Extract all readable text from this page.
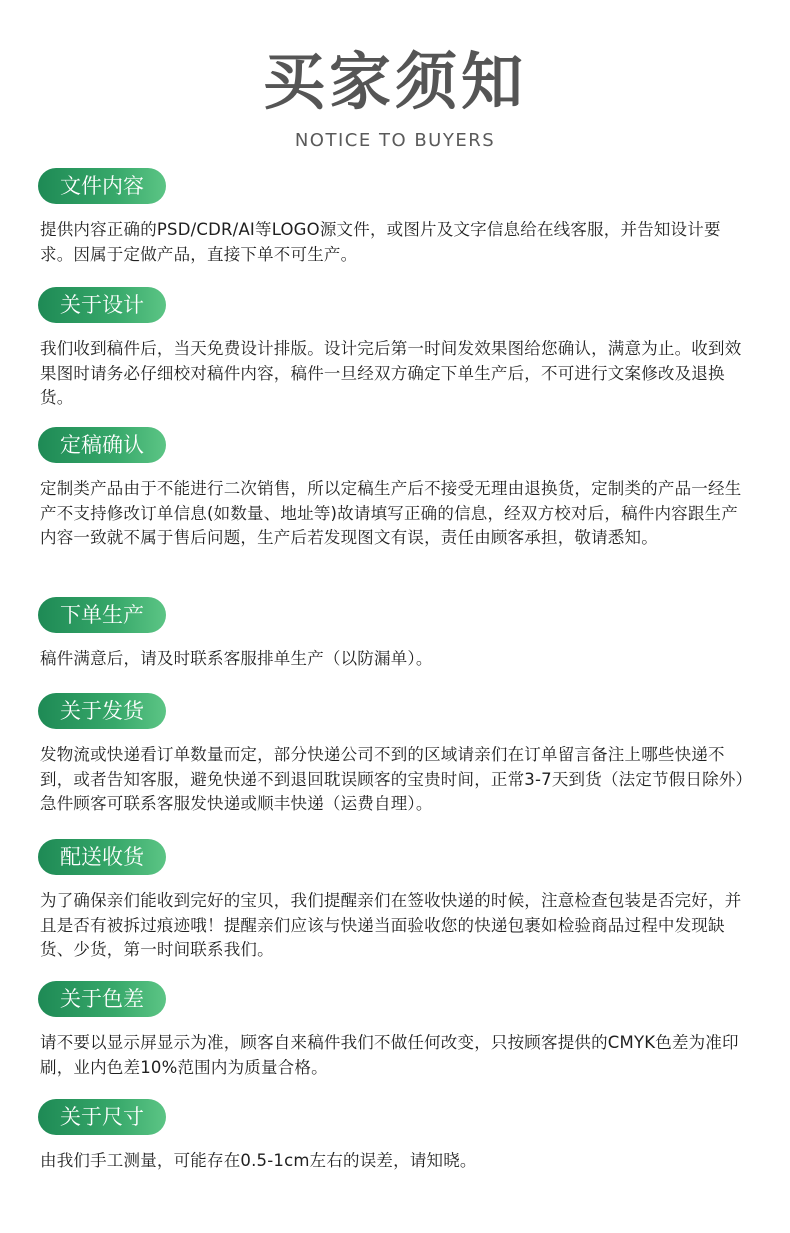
买家须知
NOTICE TO BUYERS
文件内容
提供内容正确的PSD/CDR/AI等LOGO源文件，或图片及文字信息给在线客服，并告知设计要求。因属于定做产品，直接下单不可生产。
关于设计
我们收到稿件后，当天免费设计排版。设计完后第一时间发效果图给您确认，满意为止。收到效果图时请务必仔细校对稿件内容，稿件一旦经双方确定下单生产后，不可进行文案修改及退换货。
定稿确认
定制类产品由于不能进行二次销售，所以定稿生产后不接受无理由退换货，定制类的产品一经生产不支持修改订单信息(如数量、地址等)故请填写正确的信息，经双方校对后，稿件内容跟生产内容一致就不属于售后问题，生产后若发现图文有误，责任由顾客承担，敬请悉知。
下单生产
稿件满意后，请及时联系客服排单生产（以防漏单）。
关于发货
发物流或快递看订单数量而定，部分快递公司不到的区域请亲们在订单留言备注上哪些快递不到，或者告知客服，避免快递不到退回耽误顾客的宝贵时间，正常3-7天到货（法定节假日除外）急件顾客可联系客服发快递或顺丰快递（运费自理）。
配送收货
为了确保亲们能收到完好的宝贝，我们提醒亲们在签收快递的时候，注意检查包装是否完好，并且是否有被拆过痕迹哦！提醒亲们应该与快递当面验收您的快递包裹如检验商品过程中发现缺货、少货，第一时间联系我们。
关于色差
请不要以显示屏显示为准，顾客自来稿件我们不做任何改变，只按顾客提供的CMYK色差为准印刷，业内色差10%范围内为质量合格。
关于尺寸
由我们手工测量，可能存在0.5-1cm左右的误差，请知晓。
